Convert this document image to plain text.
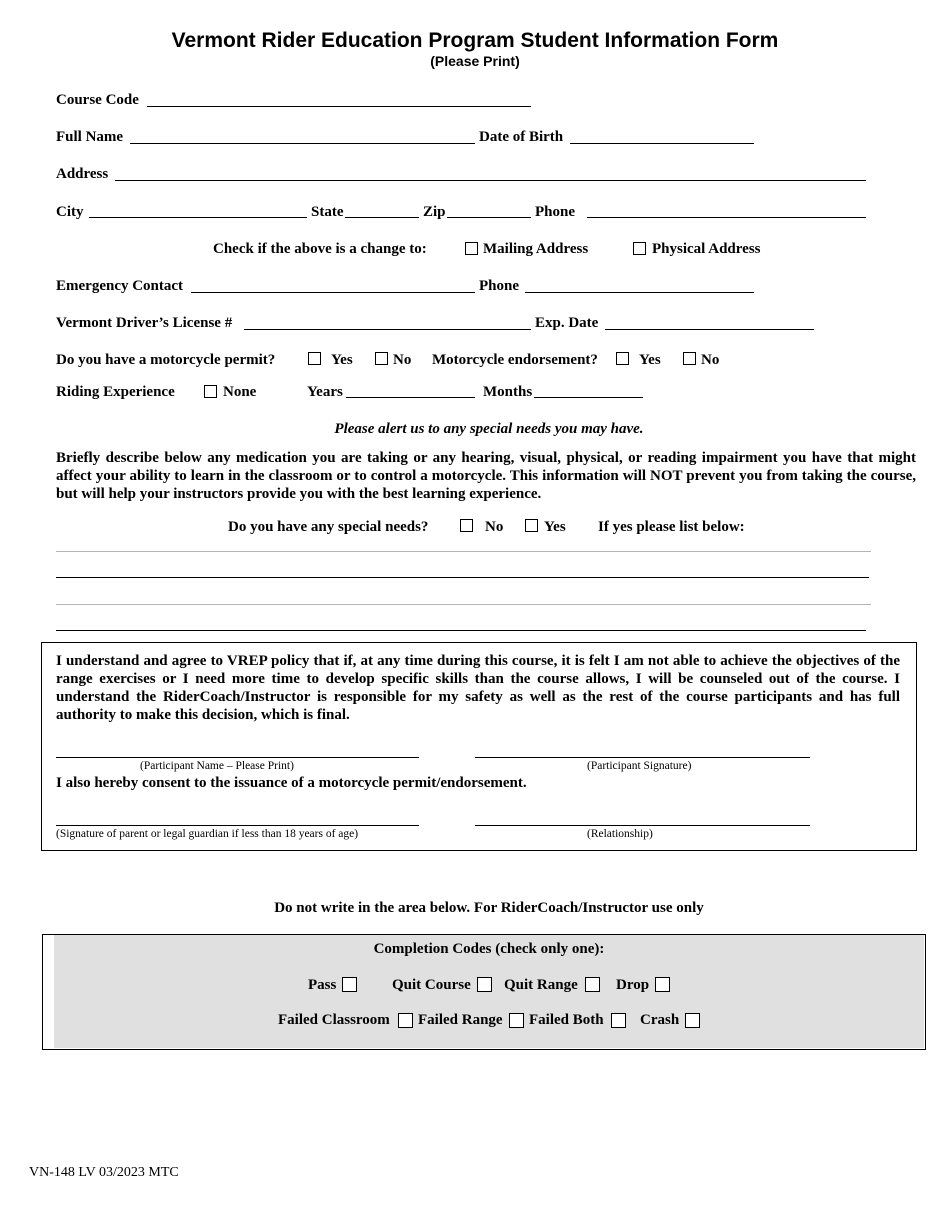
Vermont Rider Education Program Student Information Form
(Please Print)
Course Code
Full Name	Date of Birth
Address
City	State	Zip	Phone
Check if the above is a change to:	Mailing Address	Physical Address
Emergency Contact	Phone
Vermont Driver’s License #	Exp. Date
Do you have a motorcycle permit?	Yes	No Motorcycle endorsement?	Yes	No
Riding Experience	None	Years	Months
Please alert us to any special needs you may have.
Briefly describe below any medication you are taking or any hearing, visual, physical, or reading impairment you have that might affect your ability to learn in the classroom or to control a motorcycle. This information will NOT prevent you from taking the course, but will help your instructors provide you with the best learning experience.
Do you have any special needs?	No	Yes If yes please list below:
I understand and agree to VREP policy that if, at any time during this course, it is felt I am not able to achieve the objectives of the range exercises or I need more time to develop specific skills than the course allows, I will be counseled out of the course. I understand the RiderCoach/Instructor is responsible for my safety as well as the rest of the course participants and has full authority to make this decision, which is final.
(Participant Name – Please Print)	(Participant Signature)
I also hereby consent to the issuance of a motorcycle permit/endorsement.
(Signature of parent or legal guardian if less than 18 years of age)	(Relationship)
Do not write in the area below. For RiderCoach/Instructor use only
Completion Codes (check only one):
Pass	Quit Course Quit Range	Drop
Failed Classroom Failed Range Failed Both Crash
VN-148 LV 03/2023 MTC
